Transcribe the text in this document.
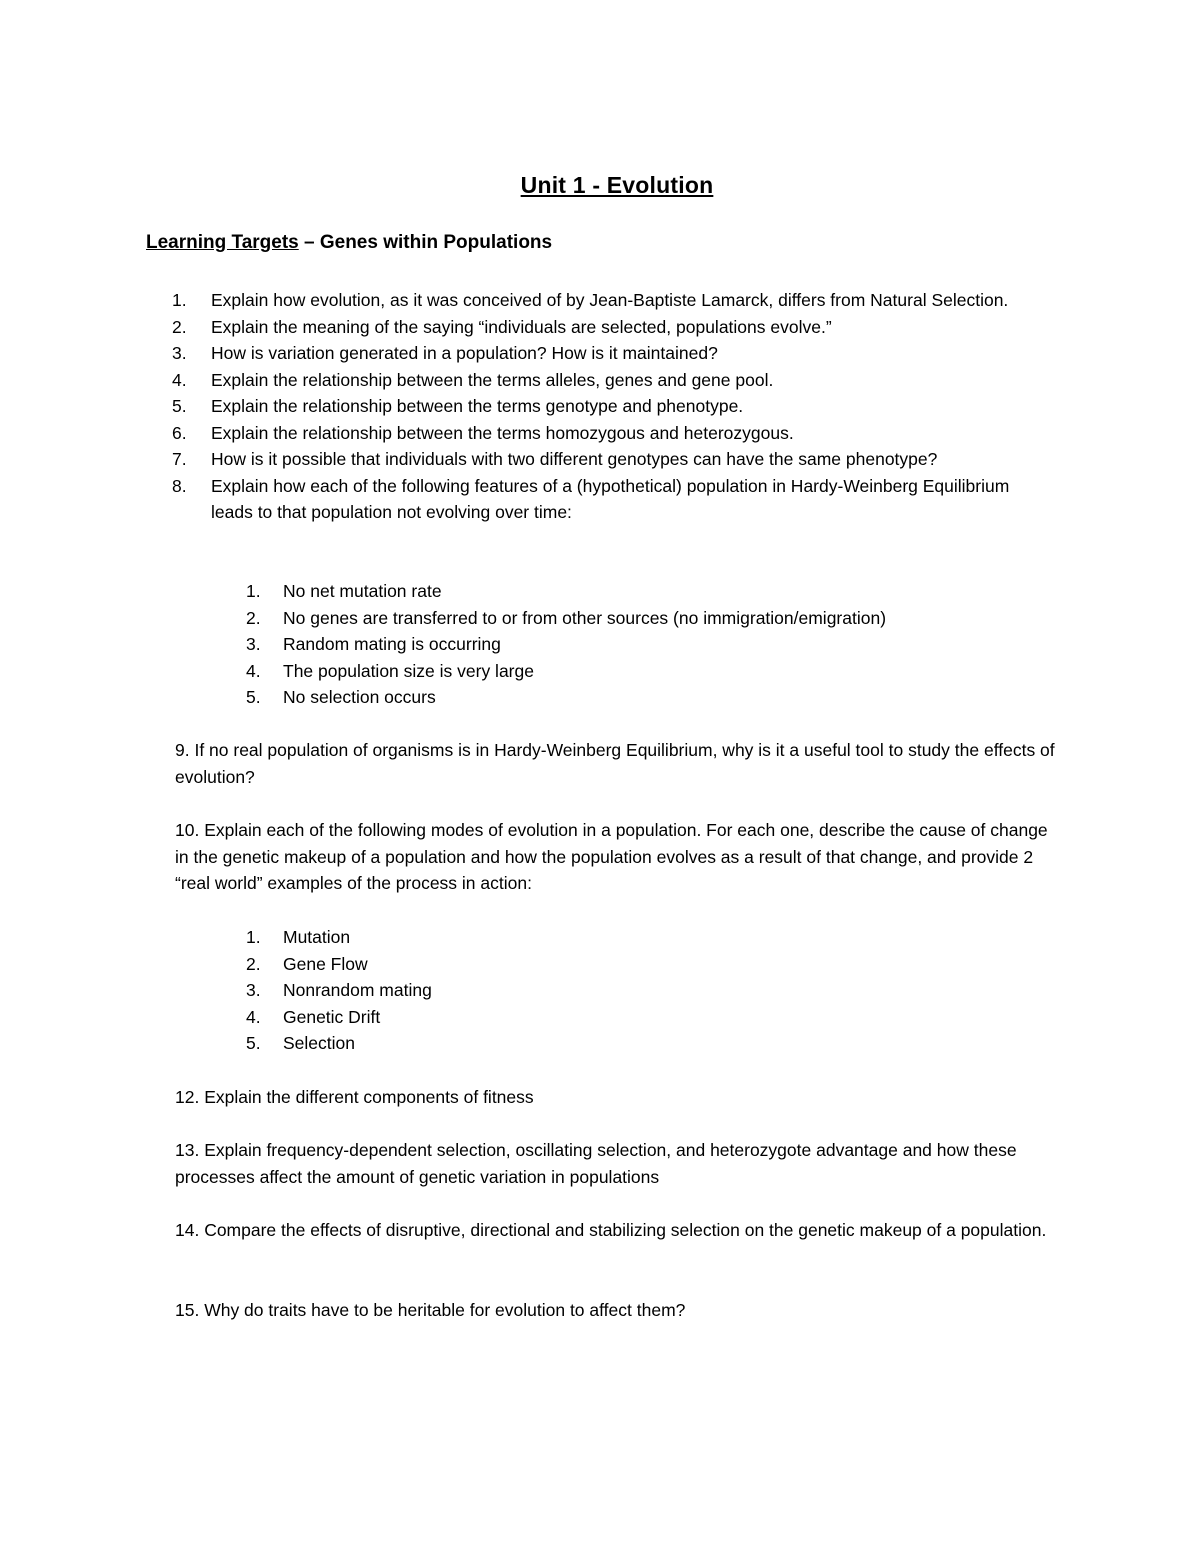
Unit 1 - Evolution
Learning Targets – Genes within Populations
1. Explain how evolution, as it was conceived of by Jean-Baptiste Lamarck, differs from Natural Selection.
2. Explain the meaning of the saying “individuals are selected, populations evolve.”
3. How is variation generated in a population? How is it maintained?
4. Explain the relationship between the terms alleles, genes and gene pool.
5. Explain the relationship between the terms genotype and phenotype.
6. Explain the relationship between the terms homozygous and heterozygous.
7. How is it possible that individuals with two different genotypes can have the same phenotype?
8. Explain how each of the following features of a (hypothetical) population in Hardy-Weinberg Equilibrium leads to that population not evolving over time:
1. No net mutation rate
2. No genes are transferred to or from other sources (no immigration/emigration)
3. Random mating is occurring
4. The population size is very large
5. No selection occurs

9. If no real population of organisms is in Hardy-Weinberg Equilibrium, why is it a useful tool to study the effects of evolution?

10. Explain each of the following modes of evolution in a population. For each one, describe the cause of change in the genetic makeup of a population and how the population evolves as a result of that change, and provide 2 “real world” examples of the process in action:

1. Mutation
2. Gene Flow
3. Nonrandom mating
4. Genetic Drift
5. Selection

12. Explain the different components of fitness

13. Explain frequency-dependent selection, oscillating selection, and heterozygote advantage and how these processes affect the amount of genetic variation in populations

14. Compare the effects of disruptive, directional and stabilizing selection on the genetic makeup of a population.

15. Why do traits have to be heritable for evolution to affect them?
